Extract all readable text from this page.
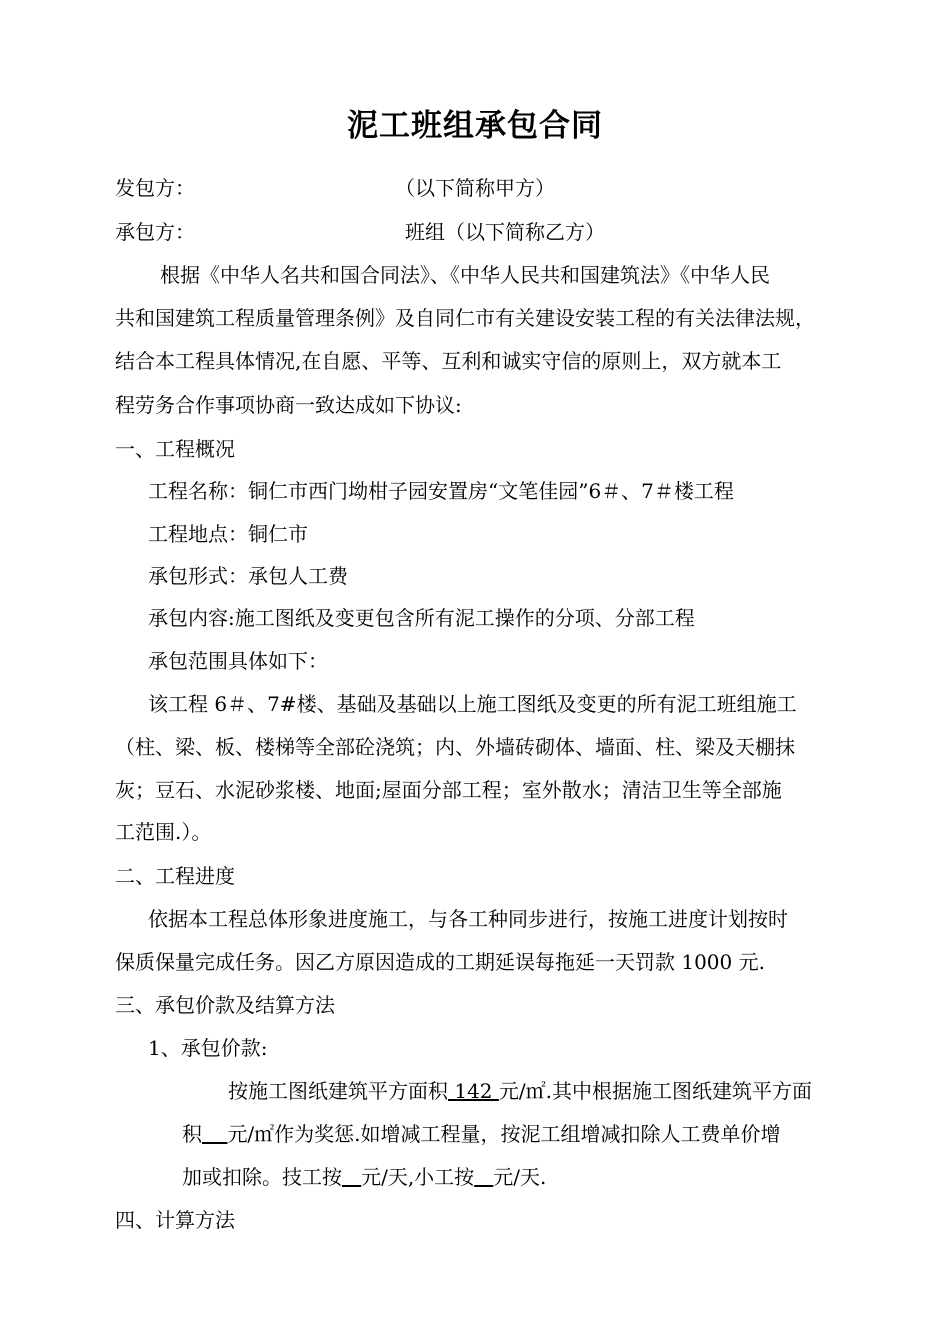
泥工班组承包合同
发包方：	（以下简称甲方）
承包方：	班组（以下简称乙方）
根据《中华人名共和国合同法》、《中华人民共和国建筑法》《中华人民
共和国建筑工程质量管理条例》及自同仁市有关建设安装工程的有关法律法规，
结合本工程具体情况,在自愿、平等、互利和诚实守信的原则上，双方就本工
程劳务合作事项协商一致达成如下协议:
一、工程概况
工程名称：铜仁市西门坳柑子园安置房“文笔佳园”6＃、7＃楼工程
工程地点：铜仁市
承包形式：承包人工费
承包内容:施工图纸及变更包含所有泥工操作的分项、分部工程
承包范围具体如下：
该工程 6＃、7#楼、基础及基础以上施工图纸及变更的所有泥工班组施工
（柱、梁、板、楼梯等全部砼浇筑；内、外墙砖砌体、墙面、柱、梁及天棚抹
灰；豆石、水泥砂浆楼、地面;屋面分部工程；室外散水；清洁卫生等全部施
工范围.）。
二、工程进度
依据本工程总体形象进度施工，与各工种同步进行，按施工进度计划按时
保质保量完成任务。因乙方原因造成的工期延误每拖延一天罚款 1000 元.
三、承包价款及结算方法
1、承包价款:
按施工图纸建筑平方面积 142 元/㎡.其中根据施工图纸建筑平方面
积 元/㎡作为奖惩.如增减工程量，按泥工组增减扣除人工费单价增
加或扣除。技工按 元/天,小工按 元/天.
四、计算方法
